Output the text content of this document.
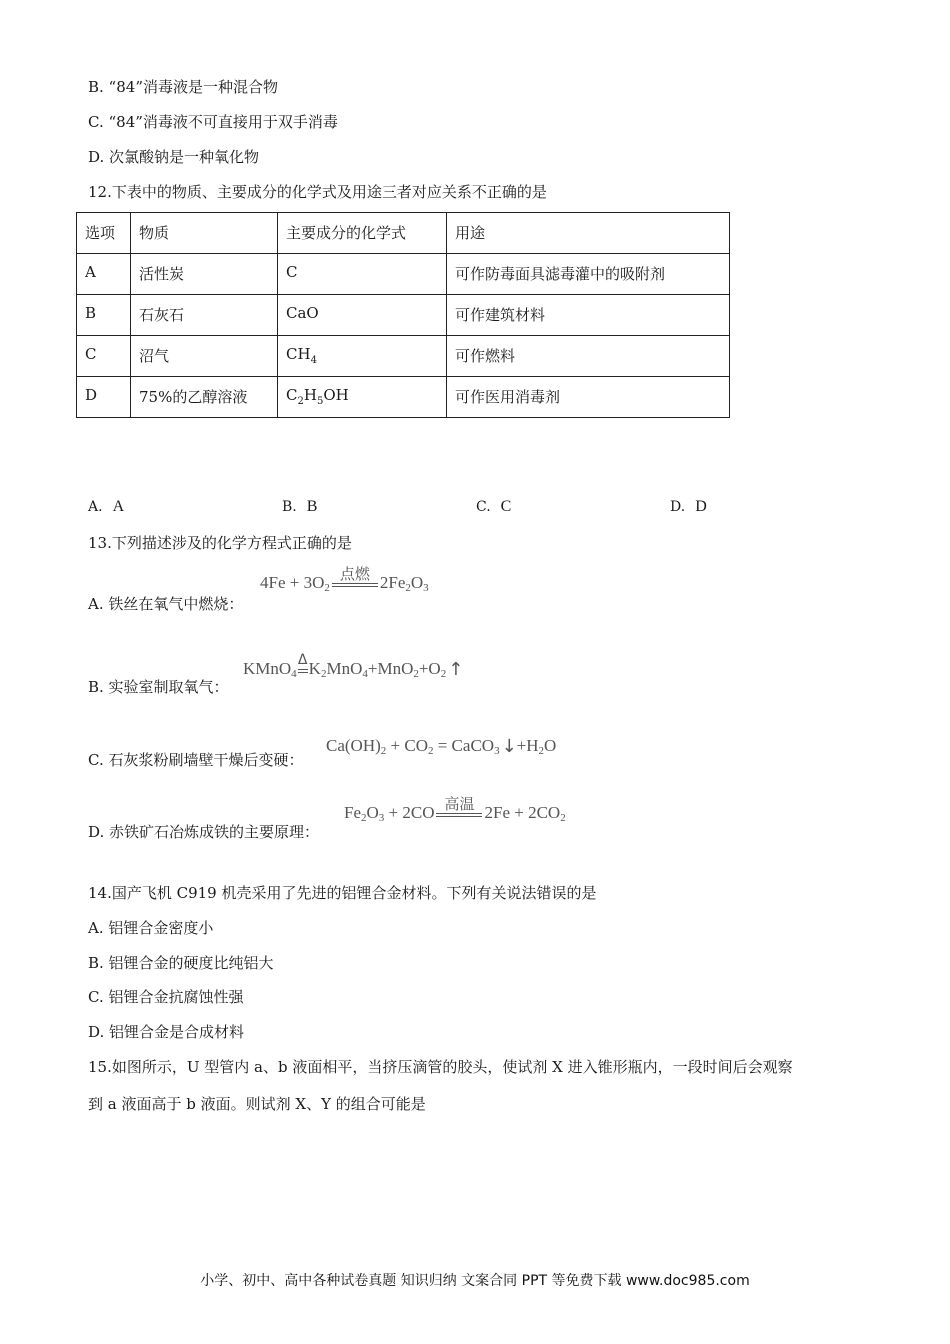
B. “84”消毒液是一种混合物
C. “84”消毒液不可直接用于双手消毒
D. 次氯酸钠是一种氧化物
12.下表中的物质、主要成分的化学式及用途三者对应关系不正确的是
选项	物质	主要成分的化学式	用途
A	活性炭	C	可作防毒面具滤毒灌中的吸附剂
B	石灰石	CaO	可作建筑材料
C	沼气	$CH_4$	可作燃料
D	75%的乙醇溶液	$C_2H_5OH$	可作医用消毒剂
A. A	B. B	C. C	D. D
13.下列描述涉及的化学方程式正确的是
A. 铁丝在氧气中燃烧：
$4Fe + 3O_2$
点燃 $2Fe_2O_3$
B. 实验室制取氧气：
KMnO$_4$
Δ $K_2MnO_4+MnO_2+O_2$ ↑
C. 石灰浆粉刷墙壁干燥后变硬：
$Ca(OH)_2 + CO_2$ = CaCO$_3$ ↓ $+H_2O$
D. 赤铁矿石冶炼成铁的主要原理：
$Fe_2O_3 + 2CO$ 高温 $2Fe + 2CO_2$
14.国产飞机 C919 机壳采用了先进的铝锂合金材料。下列有关说法错误的是
A. 铝锂合金密度小
B. 铝锂合金的硬度比纯铝大
C. 铝锂合金抗腐蚀性强
D. 铝锂合金是合成材料
15.如图所示，U 型管内 a、b 液面相平，当挤压滴管的胶头，使试剂 X 进入锥形瓶内，一段时间后会观察
到 a 液面高于 b 液面。则试剂 X、Y 的组合可能是
小学、初中、高中各种试卷真题 知识归纳 文案合同 PPT 等免费下载 www.doc985.com
